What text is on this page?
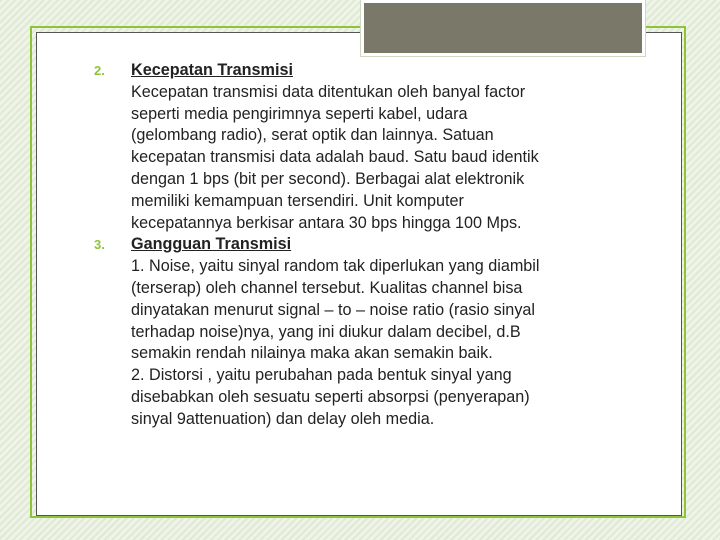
2. Kecepatan Transmisi
Kecepatan transmisi data ditentukan oleh banyal factor
seperti media pengirimnya seperti kabel, udara
(gelombang radio), serat optik dan lainnya. Satuan
kecepatan transmisi data adalah baud. Satu baud identik
dengan 1 bps (bit per second). Berbagai alat elektronik
memiliki kemampuan tersendiri. Unit komputer
kecepatannya berkisar antara 30 bps hingga 100 Mps.
3. Gangguan Transmisi
1. Noise, yaitu sinyal random tak diperlukan yang diambil
(terserap) oleh channel tersebut. Kualitas channel bisa
dinyatakan menurut signal – to – noise ratio (rasio sinyal
terhadap noise)nya, yang ini diukur dalam decibel, d.B
semakin rendah nilainya maka akan semakin baik.
2. Distorsi , yaitu perubahan pada bentuk sinyal yang
disebabkan oleh sesuatu seperti absorpsi (penyerapan)
sinyal 9attenuation) dan delay oleh media.
